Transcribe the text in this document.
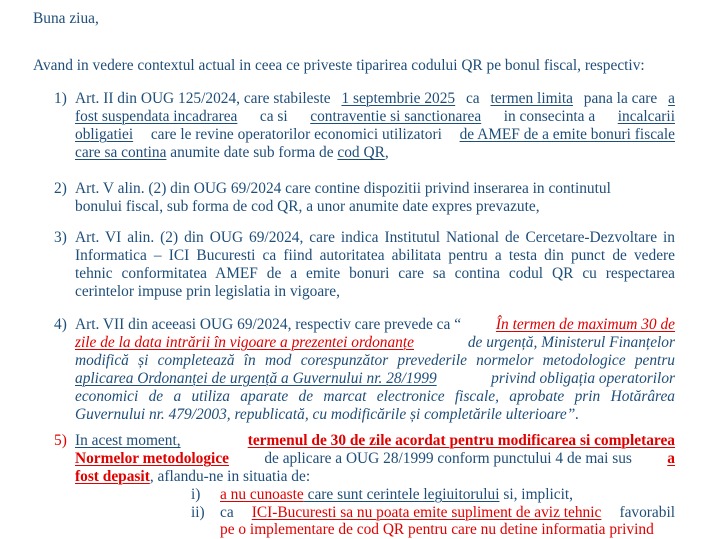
Buna ziua,
Avand in vedere contextul actual in ceea ce priveste tiparirea codului QR pe bonul fiscal, respectiv:
1) Art. II din OUG 125/2024, care stabileste 1 septembrie 2025 ca termen limita pana la care a
fost suspendata incadrarea ca si contraventie si sanctionarea in consecinta a incalcarii
obligatiei care le revine operatorilor economici utilizatori de AMEF de a emite bonuri fiscale
care sa contina anumite date sub forma de cod QR,
2) Art. V alin. (2) din OUG 69/2024 care contine dispozitii privind inserarea in continutul
bonului fiscal, sub forma de cod QR, a unor anumite date expres prevazute,
3) Art. VI alin. (2) din OUG 69/2024, care indica Institutul National de Cercetare-Dezvoltare in
Informatica – ICI Bucuresti ca fiind autoritatea abilitata pentru a testa din punct de vedere
tehnic conformitatea AMEF de a emite bonuri care sa contina codul QR cu respectarea
cerintelor impuse prin legislatia in vigoare,
4) Art. VII din aceeasi OUG 69/2024, respectiv care prevede ca “ În termen de maximum 30 de
zile de la data intrării în vigoare a prezentei ordonanțe	de urgență, Ministerul Finanțelor
modifică și completează în mod corespunzător prevederile normelor metodologice pentru
aplicarea Ordonanței de urgență a Guvernului nr. 28/1999	privind obligația operatorilor
economici de a utiliza aparate de marcat electronice fiscale, aprobate prin Hotărârea
Guvernului nr. 479/2003, republicată, cu modificările și completările ulterioare”.
5) In acest moment,	termenul de 30 de zile acordat pentru modificarea si completarea
Normelor metodologice de aplicare a OUG 28/1999 conform punctului 4 de mai sus a
fost depasit, aflandu-ne in situatia de:
i) a nu cunoaste care sunt cerintele legiuitorului si, implicit,
ii) ca ICI-Bucuresti sa nu poata emite supliment de aviz tehnic favorabil
pe o implementare de cod QR pentru care nu detine informatia privind
